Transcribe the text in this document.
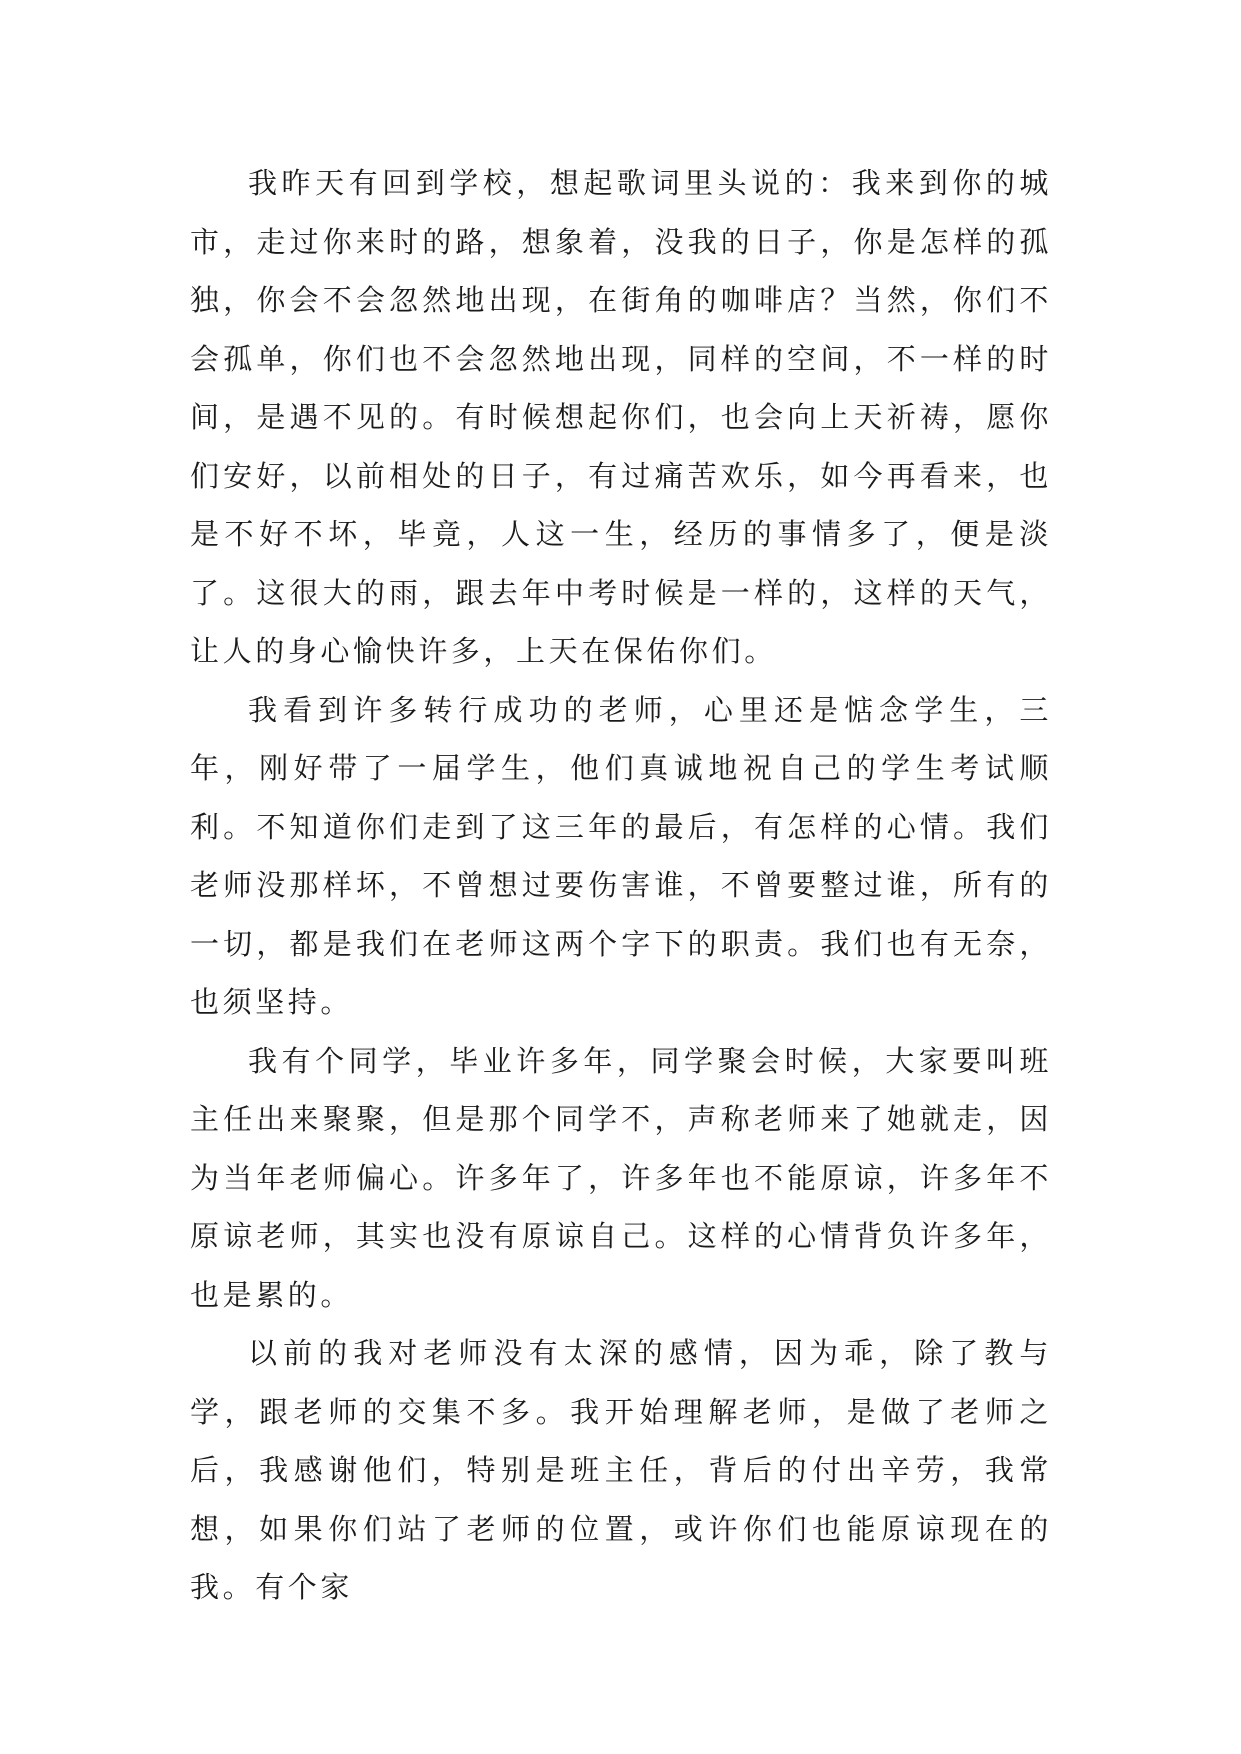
我昨天有回到学校，想起歌词里头说的：我来到你的城市，走过你来时的路，想象着，没我的日子，你是怎样的孤独，你会不会忽然地出现，在街角的咖啡店？当然，你们不会孤单，你们也不会忽然地出现，同样的空间，不一样的时间，是遇不见的。有时候想起你们，也会向上天祈祷，愿你们安好，以前相处的日子，有过痛苦欢乐，如今再看来，也是不好不坏，毕竟，人这一生，经历的事情多了，便是淡了。这很大的雨，跟去年中考时候是一样的，这样的天气，让人的身心愉快许多，上天在保佑你们。

我看到许多转行成功的老师，心里还是惦念学生，三年，刚好带了一届学生，他们真诚地祝自己的学生考试顺利。不知道你们走到了这三年的最后，有怎样的心情。我们老师没那样坏，不曾想过要伤害谁，不曾要整过谁，所有的一切，都是我们在老师这两个字下的职责。我们也有无奈，也须坚持。

我有个同学，毕业许多年，同学聚会时候，大家要叫班主任出来聚聚，但是那个同学不，声称老师来了她就走，因为当年老师偏心。许多年了，许多年也不能原谅，许多年不原谅老师，其实也没有原谅自己。这样的心情背负许多年，也是累的。

以前的我对老师没有太深的感情，因为乖，除了教与学，跟老师的交集不多。我开始理解老师，是做了老师之后，我感谢他们，特别是班主任，背后的付出辛劳，我常想，如果你们站了老师的位置，或许你们也能原谅现在的我。有个家
